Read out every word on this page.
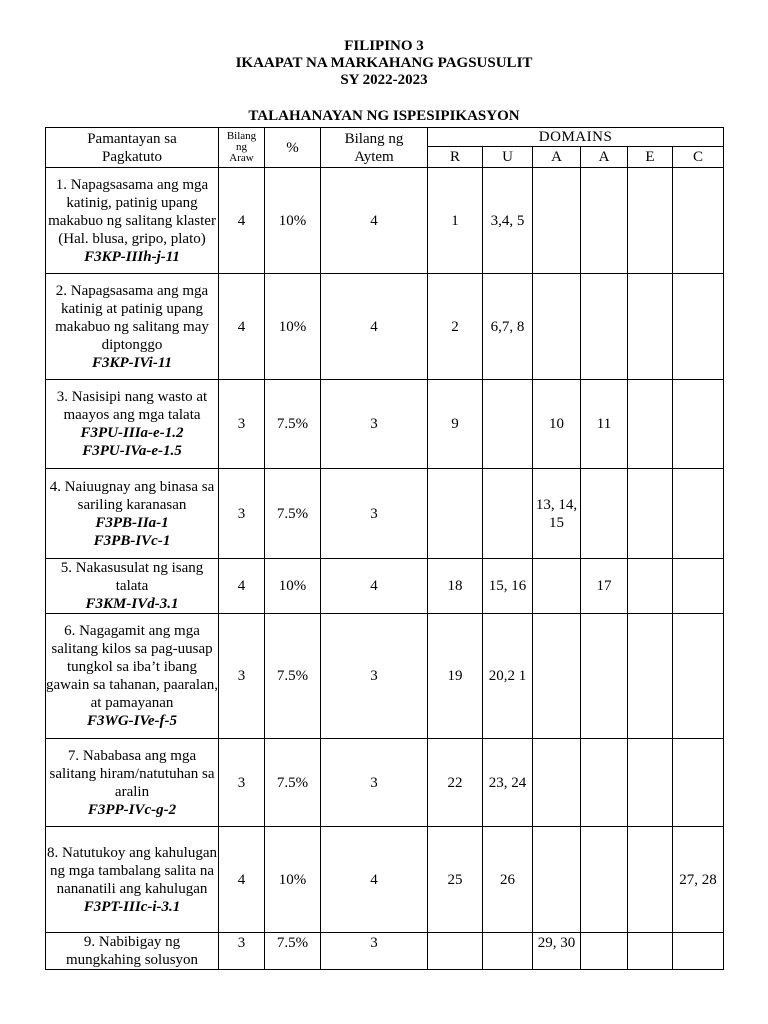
FILIPINO 3
IKAAPAT NA MARKAHANG PAGSUSULIT
SY 2022-2023
TALAHANAYAN NG ISPESIPIKASYON
Pamantayan sa Pagkatuto	Bilang ng Araw	%	Bilang ng Aytem	DOMAINS					
				R	U	A	A	E	C

1. Napagsasama ang mga katinig, patinig upang makabuo ng salitang klaster (Hal. blusa, gripo, plato)
F3KP-IIIh-j-11	4	10%	4	1	3,4, 5				

2. Napagsasama ang mga katinig at patinig upang makabuo ng salitang may diptonggo
F3KP-IVi-11	4	10%	4	2	6,7, 8				

3. Nasisipi nang wasto at maayos ang mga talata
F3PU-IIIa-e-1.2
F3PU-IVa-e-1.5	3	7.5%	3	9		10	11		

4. Naiuugnay ang binasa sa sariling karanasan
F3PB-IIa-1
F3PB-IVc-1	3	7.5%	3			13, 14, 15			

5. Nakasusulat ng isang talata
F3KM-IVd-3.1	4	10%	4	18	15, 16		17		

6. Nagagamit ang mga salitang kilos sa pag-uusap tungkol sa iba’t ibang gawain sa tahanan, paaralan, at pamayanan
F3WG-IVe-f-5	3	7.5%	3	19	20,2 1				

7. Nababasa ang mga salitang hiram/natutuhan sa aralin
F3PP-IVc-g-2	3	7.5%	3	22	23, 24				

8. Natutukoy ang kahulugan ng mga tambalang salita na nananatili ang kahulugan
F3PT-IIIc-i-3.1	4	10%	4	25	26				27, 28

9. Nabibigay ng mungkahing solusyon	3	7.5%	3			29, 30			
